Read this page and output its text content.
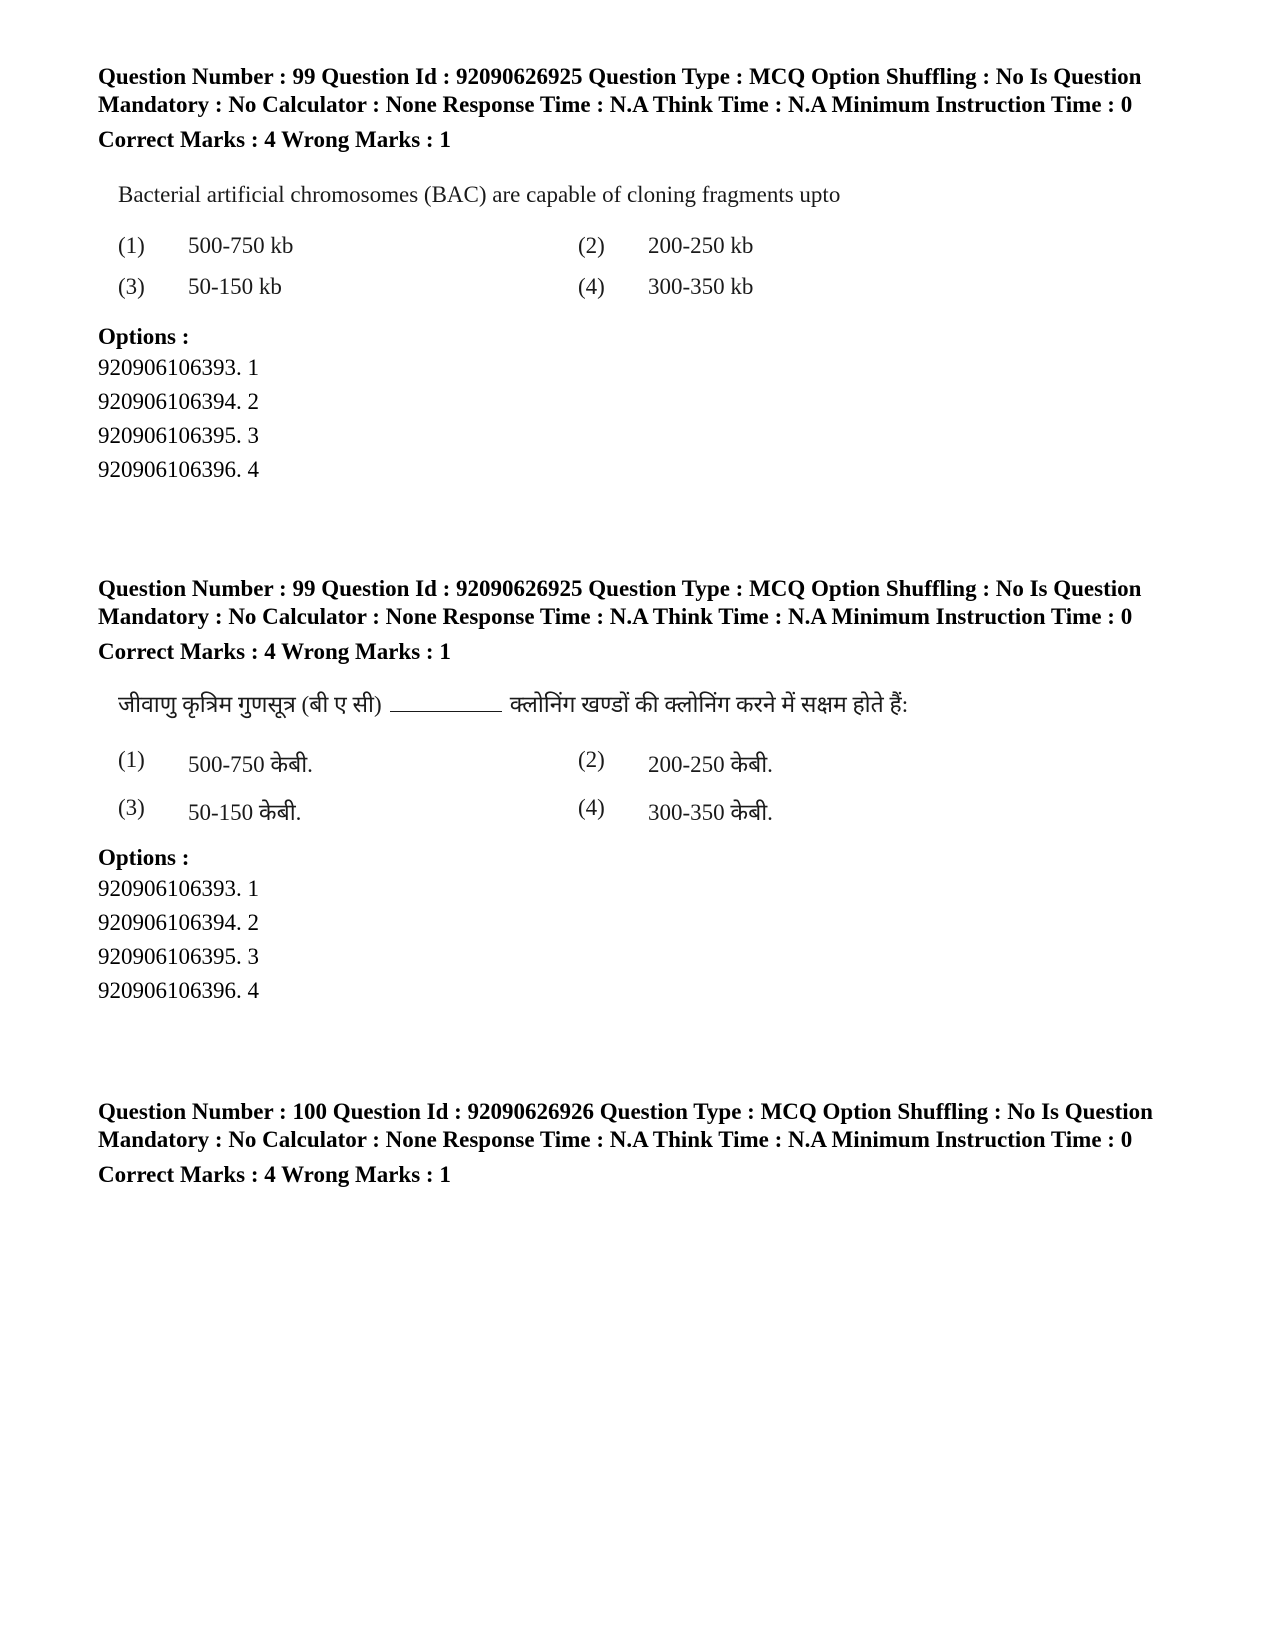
Question Number : 99 Question Id : 92090626925 Question Type : MCQ Option Shuffling : No Is Question Mandatory : No Calculator : None Response Time : N.A Think Time : N.A Minimum Instruction Time : 0

Correct Marks : 4 Wrong Marks : 1

Bacterial artificial chromosomes (BAC) are capable of cloning fragments upto
(1) 500-750 kb	(2) 200-250 kb
(3) 50-150 kb	(4) 300-350 kb

Options :

920906106393. 1

920906106394. 2

920906106395. 3

920906106396. 4

Question Number : 99 Question Id : 92090626925 Question Type : MCQ Option Shuffling : No Is Question Mandatory : No Calculator : None Response Time : N.A Think Time : N.A Minimum Instruction Time : 0

Correct Marks : 4 Wrong Marks : 1

जीवाणु कृत्रिम गुणसूत्र (बी ए सी)	क्लोनिंग खण्डों की क्लोनिंग करने में सक्षम होते हैं:
(1) 500-750 केबी.	(2) 200-250 केबी.
(3) 50-150 केबी.	(4) 300-350 केबी.

Options :

920906106393. 1

920906106394. 2

920906106395. 3

920906106396. 4

Question Number : 100 Question Id : 92090626926 Question Type : MCQ Option Shuffling : No Is Question Mandatory : No Calculator : None Response Time : N.A Think Time : N.A Minimum Instruction Time : 0

Correct Marks : 4 Wrong Marks : 1
